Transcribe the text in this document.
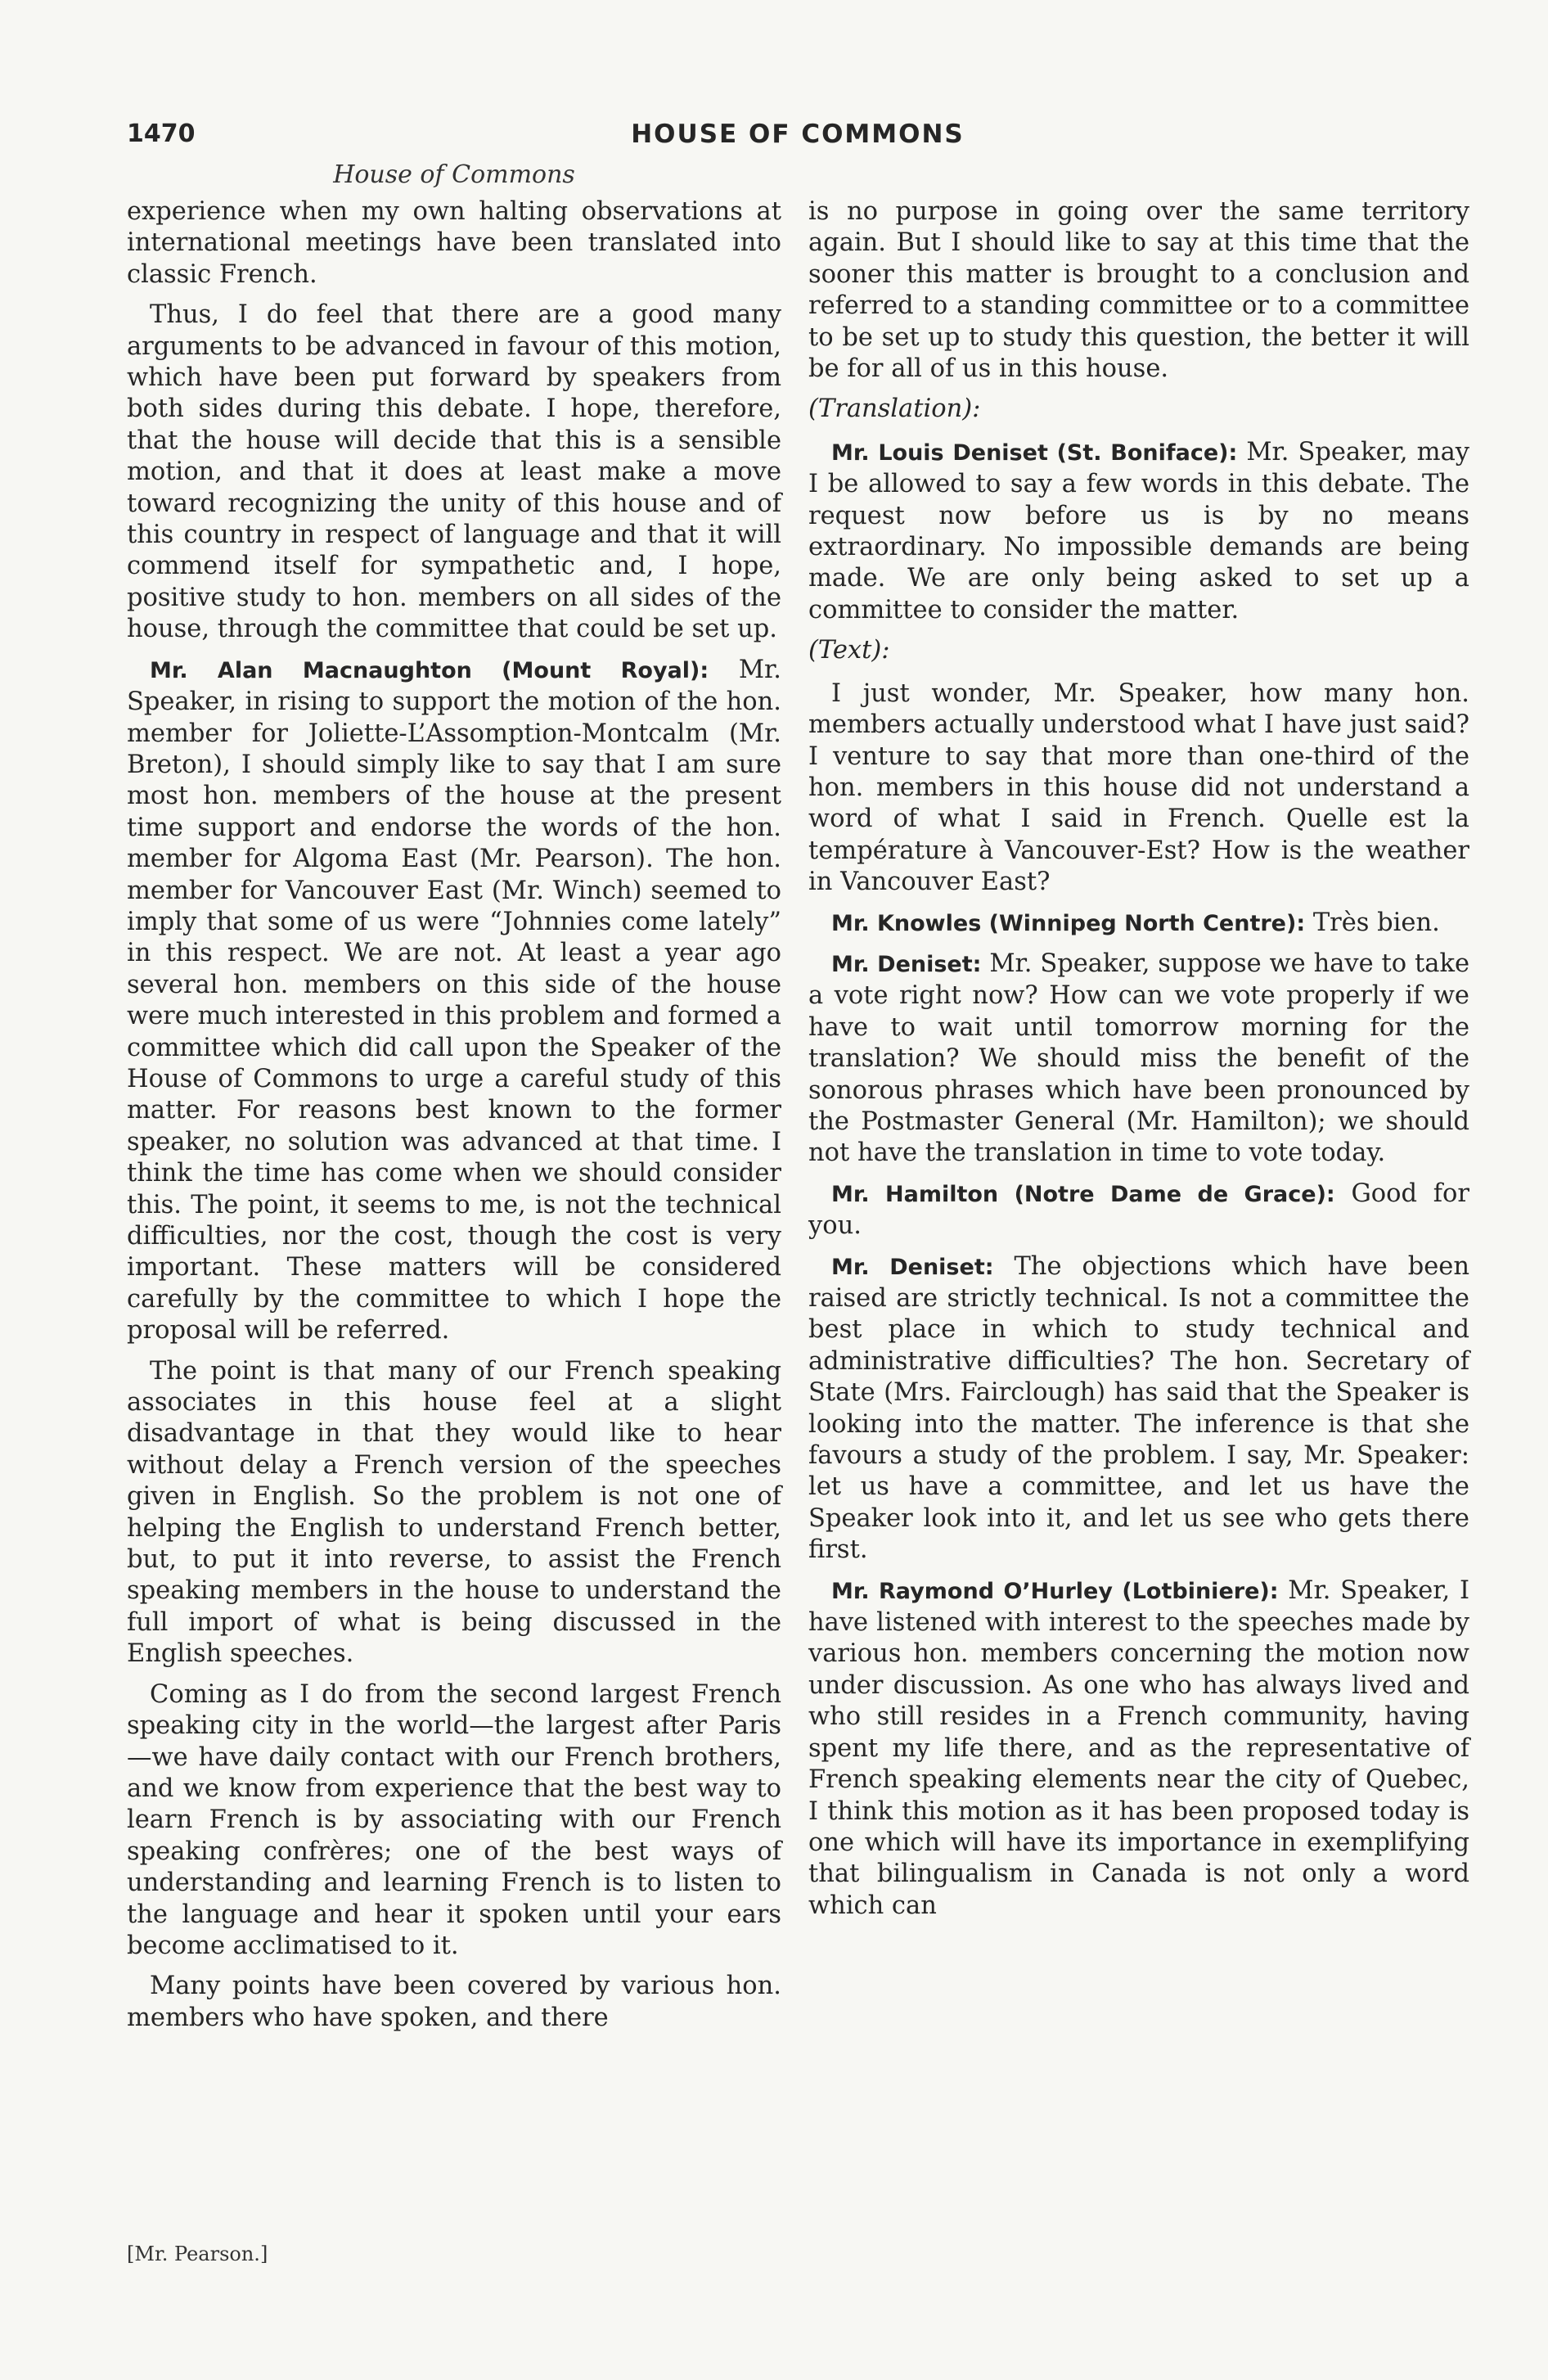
1470	HOUSE OF COMMONS
House of Commons

experience when my own halting observations at international meetings have been translated into classic French.

Thus, I do feel that there are a good many arguments to be advanced in favour of this motion, which have been put forward by speakers from both sides during this debate. I hope, therefore, that the house will decide that this is a sensible motion, and that it does at least make a move toward recognizing the unity of this house and of this country in respect of language and that it will commend itself for sympathetic and, I hope, positive study to hon. members on all sides of the house, through the committee that could be set up.

Mr. Alan Macnaughton (Mount Royal): Mr. Speaker, in rising to support the motion of the hon. member for Joliette-L’Assomption-Montcalm (Mr. Breton), I should simply like to say that I am sure most hon. members of the house at the present time support and endorse the words of the hon. member for Algoma East (Mr. Pearson). The hon. member for Vancouver East (Mr. Winch) seemed to imply that some of us were “Johnnies come lately” in this respect. We are not. At least a year ago several hon. members on this side of the house were much interested in this problem and formed a committee which did call upon the Speaker of the House of Commons to urge a careful study of this matter. For reasons best known to the former speaker, no solution was advanced at that time. I think the time has come when we should consider this. The point, it seems to me, is not the technical difficulties, nor the cost, though the cost is very important. These matters will be considered carefully by the committee to which I hope the proposal will be referred.

The point is that many of our French speaking associates in this house feel at a slight disadvantage in that they would like to hear without delay a French version of the speeches given in English. So the problem is not one of helping the English to understand French better, but, to put it into reverse, to assist the French speaking members in the house to understand the full import of what is being discussed in the English speeches.

Coming as I do from the second largest French speaking city in the world—the largest after Paris—we have daily contact with our French brothers, and we know from experience that the best way to learn French is by associating with our French speaking confrères; one of the best ways of understanding and learning French is to listen to the language and hear it spoken until your ears become acclimatised to it.

Many points have been covered by various hon. members who have spoken, and there

is no purpose in going over the same territory again. But I should like to say at this time that the sooner this matter is brought to a conclusion and referred to a standing committee or to a committee to be set up to study this question, the better it will be for all of us in this house.

(Translation):

Mr. Louis Deniset (St. Boniface): Mr. Speaker, may I be allowed to say a few words in this debate. The request now before us is by no means extraordinary. No impossible demands are being made. We are only being asked to set up a committee to consider the matter.

(Text):

I just wonder, Mr. Speaker, how many hon. members actually understood what I have just said? I venture to say that more than one-third of the hon. members in this house did not understand a word of what I said in French. Quelle est la température à Vancouver-Est? How is the weather in Vancouver East?

Mr. Knowles (Winnipeg North Centre): Très bien.

Mr. Deniset: Mr. Speaker, suppose we have to take a vote right now? How can we vote properly if we have to wait until tomorrow morning for the translation? We should miss the benefit of the sonorous phrases which have been pronounced by the Postmaster General (Mr. Hamilton); we should not have the translation in time to vote today.

Mr. Hamilton (Notre Dame de Grace): Good for you.

Mr. Deniset: The objections which have been raised are strictly technical. Is not a committee the best place in which to study technical and administrative difficulties? The hon. Secretary of State (Mrs. Fairclough) has said that the Speaker is looking into the matter. The inference is that she favours a study of the problem. I say, Mr. Speaker: let us have a committee, and let us have the Speaker look into it, and let us see who gets there first.

Mr. Raymond O’Hurley (Lotbiniere): Mr. Speaker, I have listened with interest to the speeches made by various hon. members concerning the motion now under discussion. As one who has always lived and who still resides in a French community, having spent my life there, and as the representative of French speaking elements near the city of Quebec, I think this motion as it has been proposed today is one which will have its importance in exemplifying that bilingualism in Canada is not only a word which can

[Mr. Pearson.]
